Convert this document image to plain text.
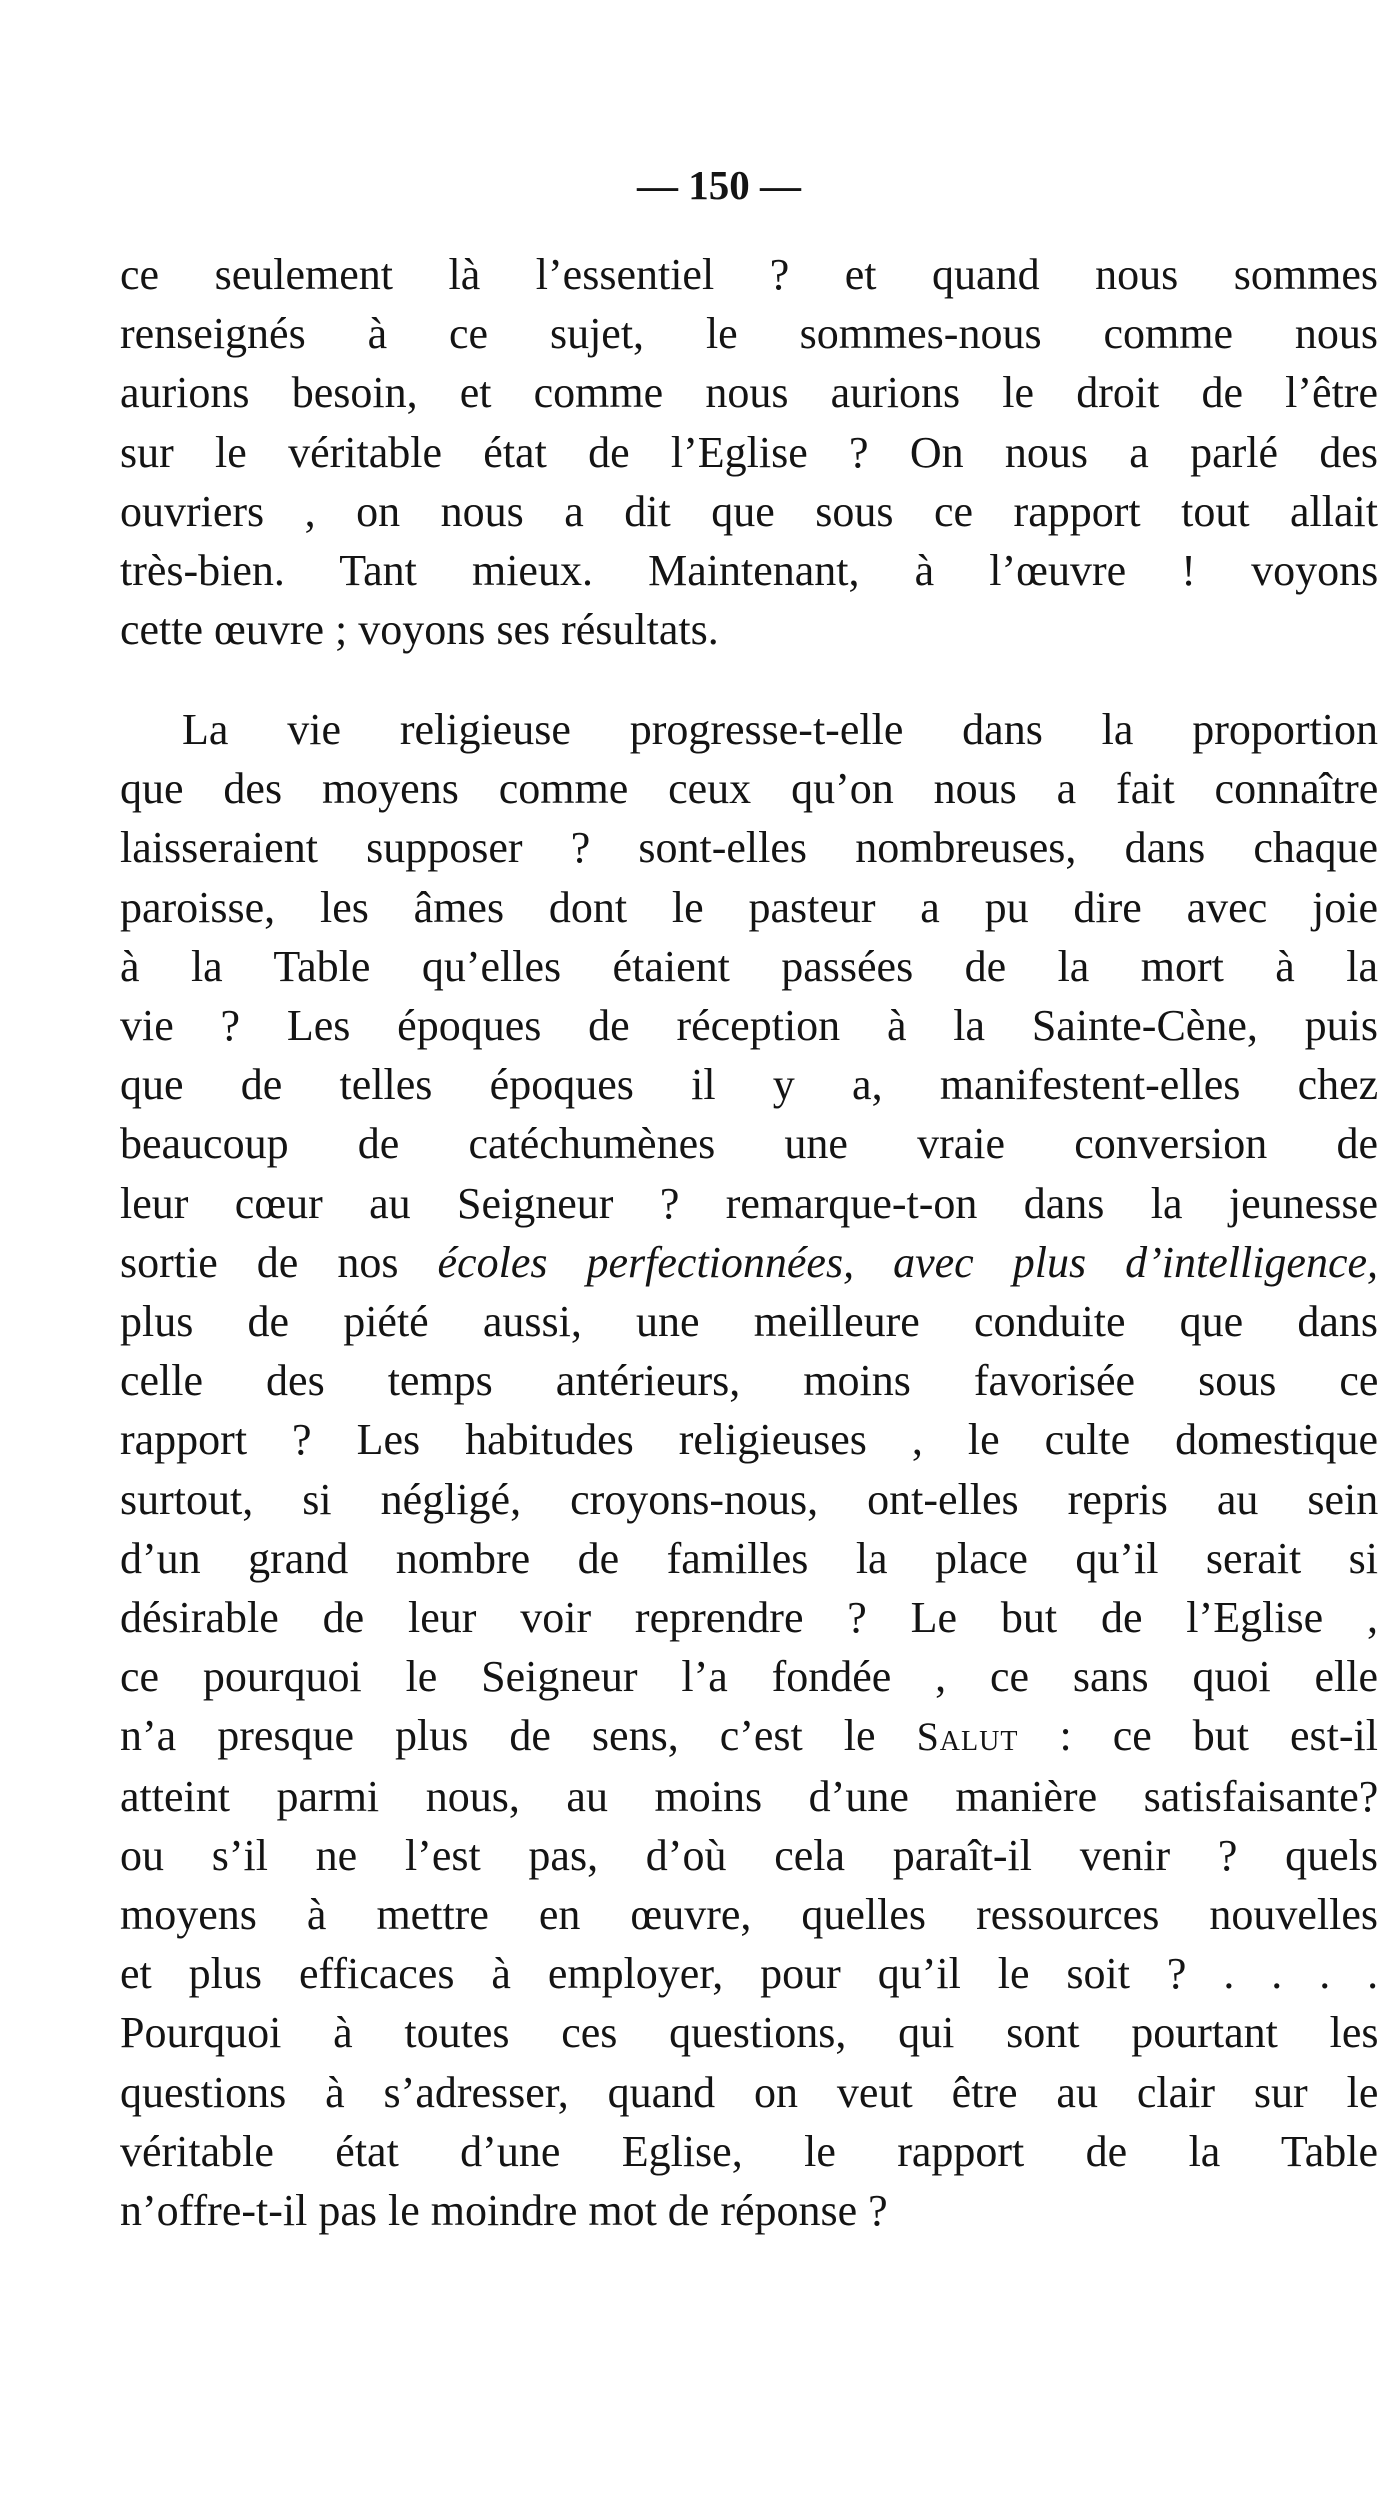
— 150 —
ce seulement là l’essentiel ? et quand nous sommes
renseignés à ce sujet, le sommes-nous comme nous
aurions besoin, et comme nous aurions le droit de l’être
sur le véritable état de l’Eglise ? On nous a parlé des
ouvriers , on nous a dit que sous ce rapport tout allait
très-bien. Tant mieux. Maintenant, à l’œuvre ! voyons
cette œuvre ; voyons ses résultats.
La vie religieuse progresse-t-elle dans la proportion
que des moyens comme ceux qu’on nous a fait connaître
laisseraient supposer ? sont-elles nombreuses, dans chaque
paroisse, les âmes dont le pasteur a pu dire avec joie
à la Table qu’elles étaient passées de la mort à la
vie ? Les époques de réception à la Sainte-Cène, puis
que de telles époques il y a, manifestent-elles chez
beaucoup de catéchumènes une vraie conversion de
leur cœur au Seigneur ? remarque-t-on dans la jeunesse
sortie de nos écoles perfectionnées, avec plus d’intelligence,
plus de piété aussi, une meilleure conduite que dans
celle des temps antérieurs, moins favorisée sous ce
rapport ? Les habitudes religieuses , le culte domestique
surtout, si négligé, croyons-nous, ont-elles repris au sein
d’un grand nombre de familles la place qu’il serait si
désirable de leur voir reprendre ? Le but de l’Eglise ,
ce pourquoi le Seigneur l’a fondée , ce sans quoi elle
n’a presque plus de sens, c’est le Salut : ce but est-il
atteint parmi nous, au moins d’une manière satisfaisante?
ou s’il ne l’est pas, d’où cela paraît-il venir ? quels
moyens à mettre en œuvre, quelles ressources nouvelles
et plus efficaces à employer, pour qu’il le soit ? . . . .
Pourquoi à toutes ces questions, qui sont pourtant les
questions à s’adresser, quand on veut être au clair sur le
véritable état d’une Eglise, le rapport de la Table
n’offre-t-il pas le moindre mot de réponse ?
